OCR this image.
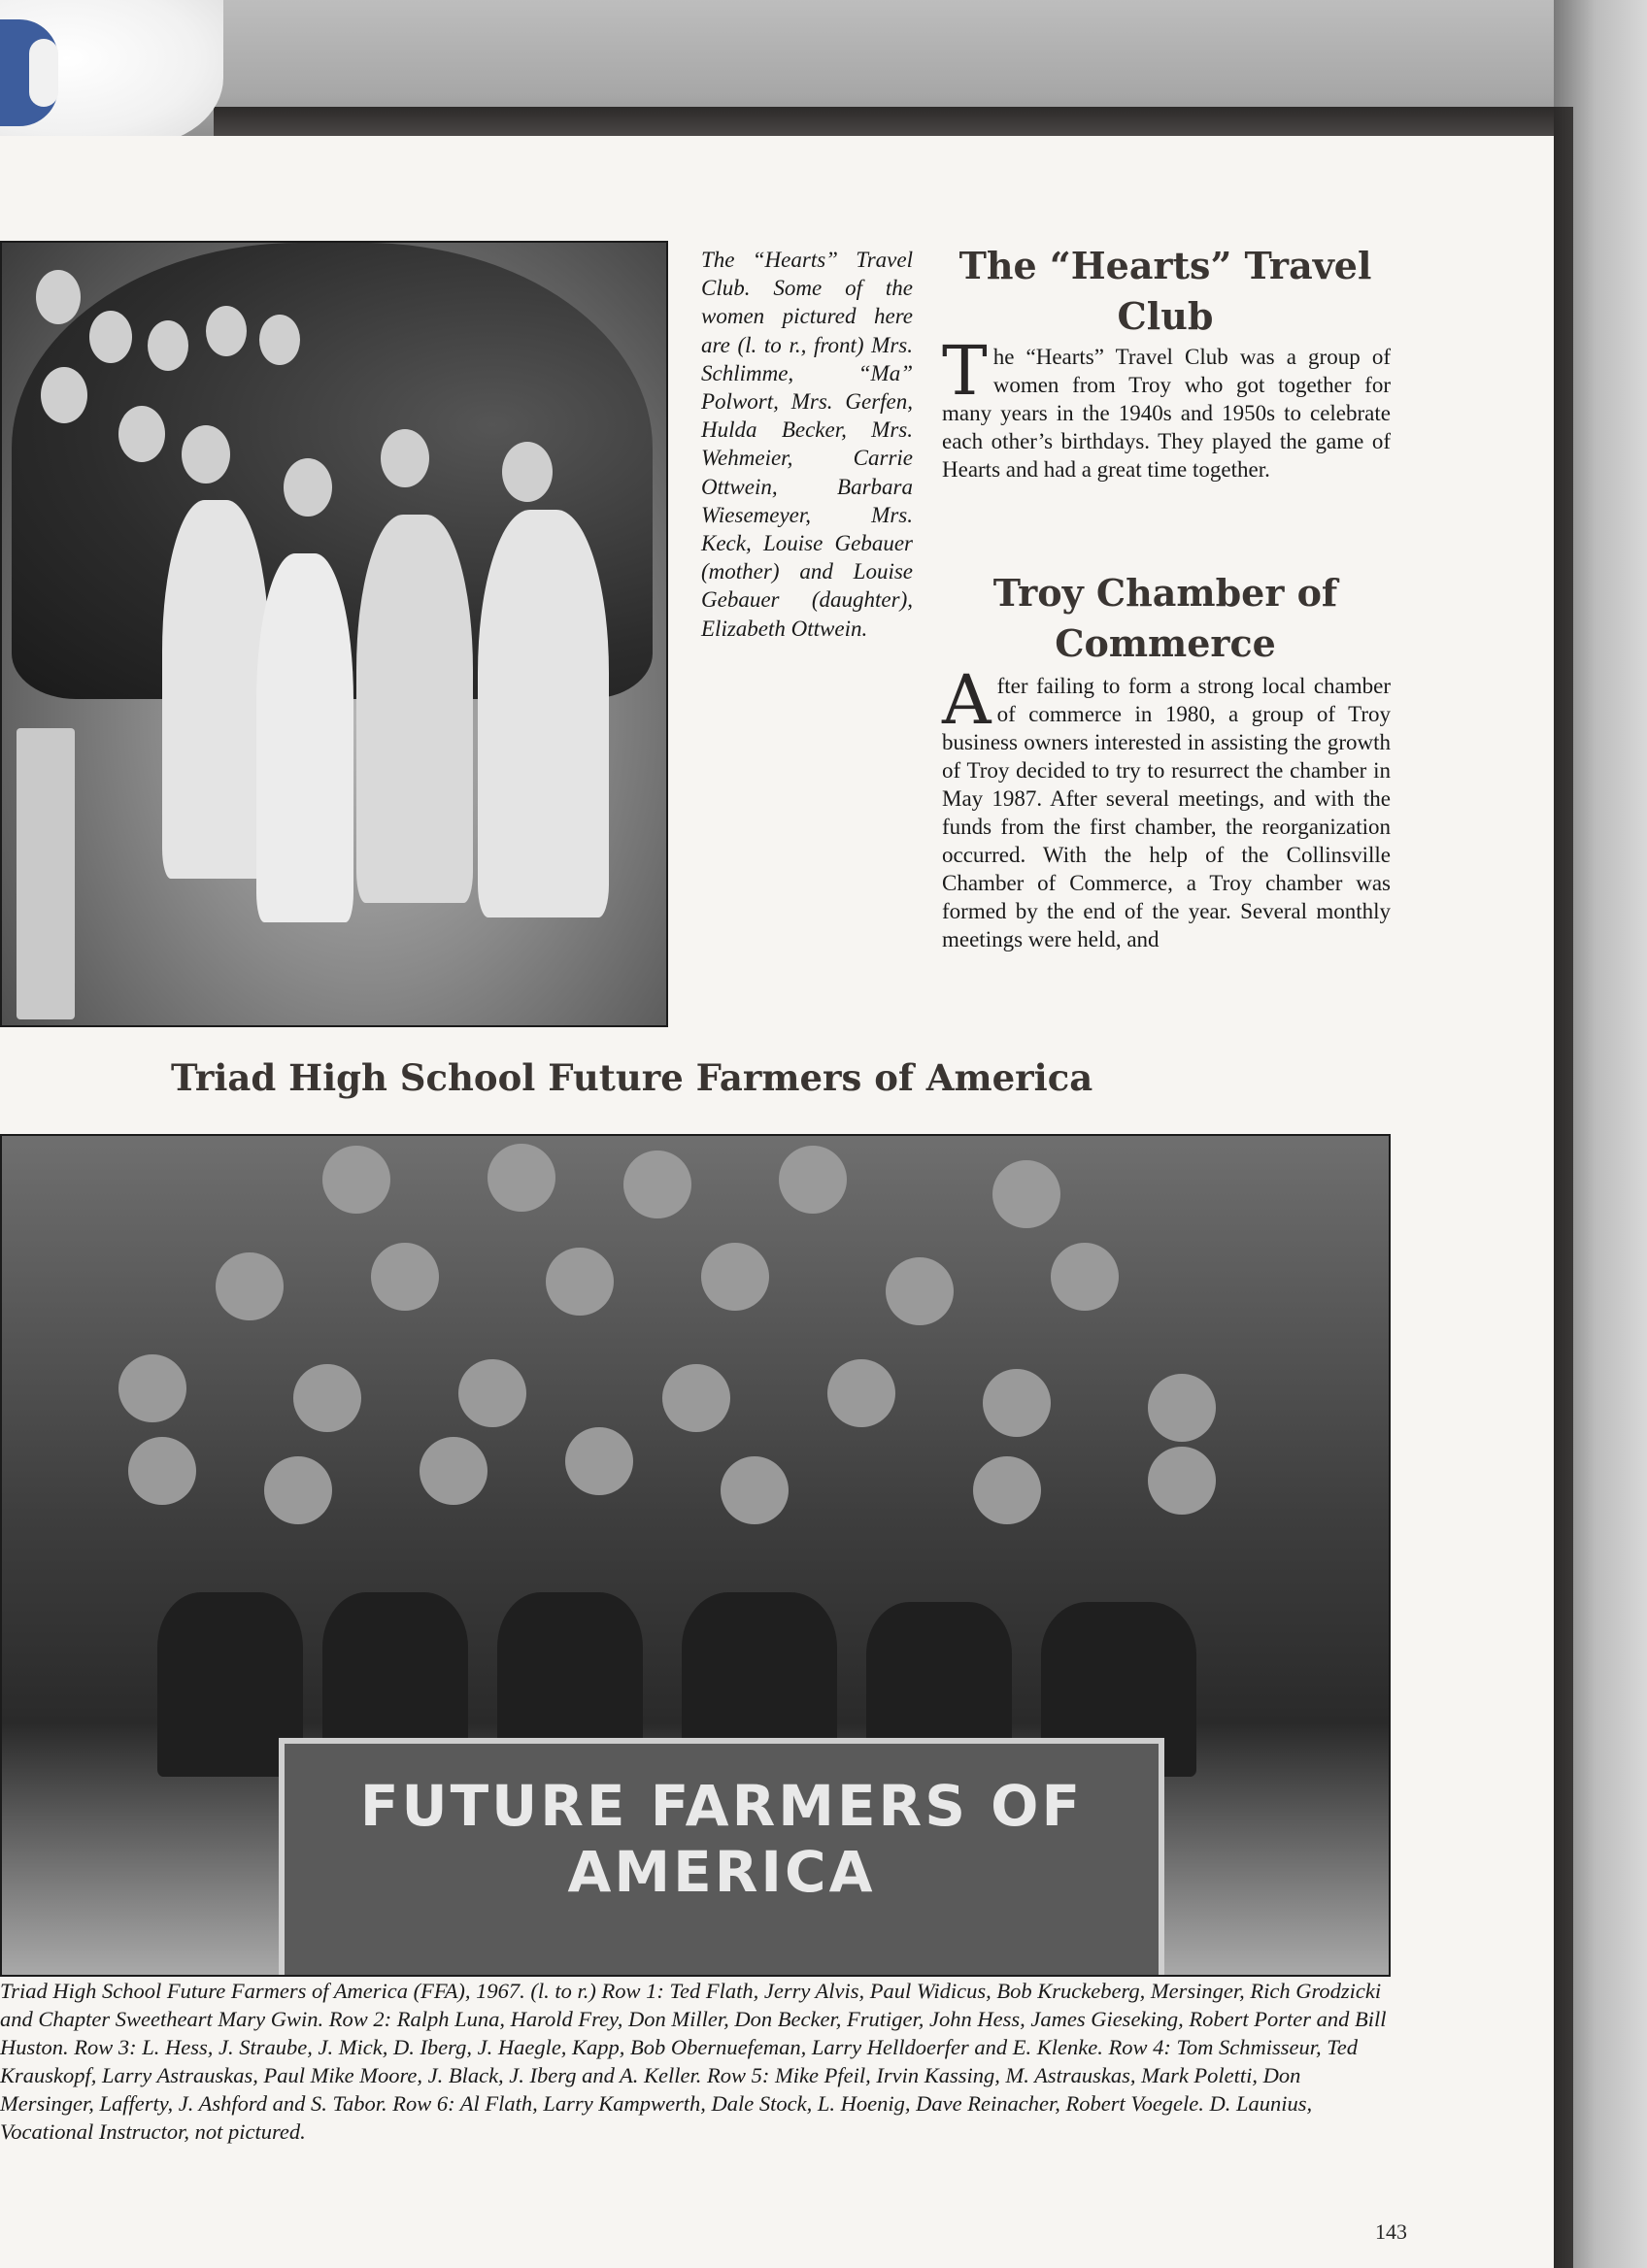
The “Hearts” Travel Club. Some of the women pictured here are (l. to r., front) Mrs. Schlimme, “Ma” Polwort, Mrs. Gerfen, Hulda Becker, Mrs. Wehmeier, Carrie Ottwein, Barbara Wiesemeyer, Mrs. Keck, Louise Gebauer (mother) and Louise Gebauer (daughter), Elizabeth Ottwein.

The “Hearts” Travel Club

The “Hearts” Travel Club was a group of women from Troy who got together for many years in the 1940s and 1950s to celebrate each other’s birthdays. They played the game of Hearts and had a great time together.

Troy Chamber of Commerce

After failing to form a strong local chamber of commerce in 1980, a group of Troy business owners interested in assisting the growth of Troy decided to try to resurrect the chamber in May 1987. After several meetings, and with the funds from the first chamber, the reorganization occurred. With the help of the Collinsville Chamber of Commerce, a Troy chamber was formed by the end of the year. Several monthly meetings were held, and

Triad High School Future Farmers of America
FUTURE FARMERS OF AMERICA

Triad High School Future Farmers of America (FFA), 1967. (l. to r.) Row 1: Ted Flath, Jerry Alvis, Paul Widicus, Bob Kruckeberg, Mersinger, Rich Grodzicki and Chapter Sweetheart Mary Gwin. Row 2: Ralph Luna, Harold Frey, Don Miller, Don Becker, Frutiger, John Hess, James Gieseking, Robert Porter and Bill Huston. Row 3: L. Hess, J. Straube, J. Mick, D. Iberg, J. Haegle, Kapp, Bob Obernuefeman, Larry Helldoerfer and E. Klenke. Row 4: Tom Schmisseur, Ted Krauskopf, Larry Astrauskas, Paul Mike Moore, J. Black, J. Iberg and A. Keller. Row 5: Mike Pfeil, Irvin Kassing, M. Astrauskas, Mark Poletti, Don Mersinger, Lafferty, J. Ashford and S. Tabor. Row 6: Al Flath, Larry Kampwerth, Dale Stock, L. Hoenig, Dave Reinacher, Robert Voegele. D. Launius, Vocational Instructor, not pictured.

143
